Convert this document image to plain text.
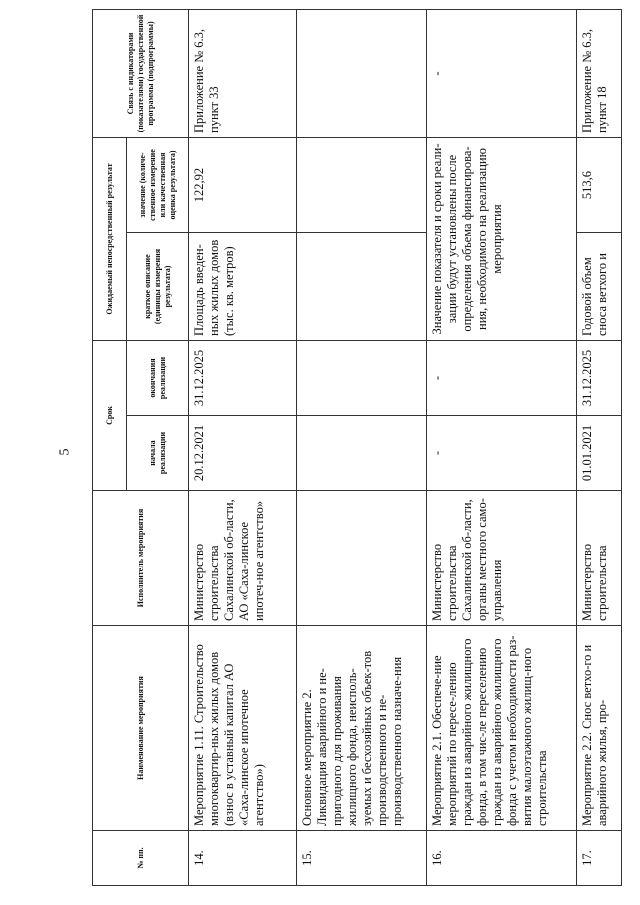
5
№ пп.	Наименование мероприятия	Исполнитель мероприятия	Срок		Ожидаемый непосредственный результат		Связь с индикаторами (показателями) государственной программы (подпрограммы)
			начала реализации	окончания реализации	краткое описание (единицы измерения результата)	значение (количе-ственное измерение или качественная оценка результата)	
14.	Мероприятие 1.11. Строительство многоквартир-ных жилых домов (взнос в уставный капитал АО «Саха-линское ипотечное агентство»)	Министерство строительства Сахалинской об-ласти, АО «Саха-линское ипотеч-ное агентство»	20.12.2021	31.12.2025	Площадь введен-ных жилых домов (тыс. кв. метров)	122,92	Приложение № 6.3, пункт 33
15.	Основное мероприятие 2. Ликвидация аварийного и не-пригодного для проживания жилищного фонда, неисполь-зуемых и бесхозяйных объек-тов производственного и не-производственного назначе-ния						
16.	Мероприятие 2.1. Обеспече-ние мероприятий по пересе-лению граждан из аварийного жилищного фонда, в том чис-ле переселению граждан из аварийного жилищного фонда с учетом необходимости раз-вития малоэтажного жилищ-ного строительства	Министерство строительства Сахалинской об-ласти, органы местного само-управления	-	-	Значение показателя и сроки реали-зации будут установлены после определения объема финансирова-ния, необходимого на реализацию мероприятия		-
17.	Мероприятие 2.2. Снос ветхо-го и аварийного жилья, про-	Министерство строительства	01.01.2021	31.12.2025	Годовой объем сноса ветхого и	513,6	Приложение № 6.3, пункт 18
